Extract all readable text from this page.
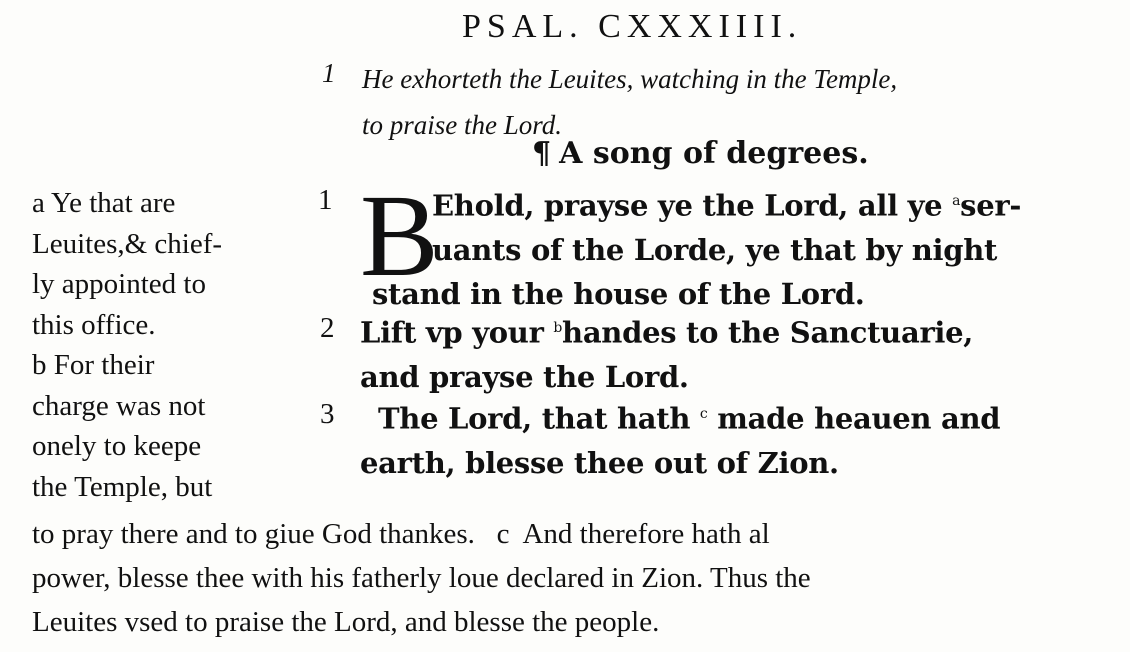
PSAL. CXXXIIII.
1 He exhorteth the Leuites, watching in the Temple,
to praise the Lord.
¶ A song of degrees.
a Ye that are
Leuites,& chief-
ly appointed to
this office.
b For their
charge was not
onely to keepe
the Temple, but
1 B
Ehold, prayse ye the Lord, all ye $^a$ser-
uants of the Lorde, ye that by night
stand in the house of the Lord.
2 Lift vp your $^b$handes to the Sanctuarie,
and prayse the Lord.
3 The Lord, that hath $^c$ made heauen and
earth, blesse thee out of Zion.
to pray there and to giue God thankes.   c  And therefore hath al
power, blesse thee with his fatherly loue declared in Zion. Thus the
Leuites vsed to praise the Lord, and blesse the people.
